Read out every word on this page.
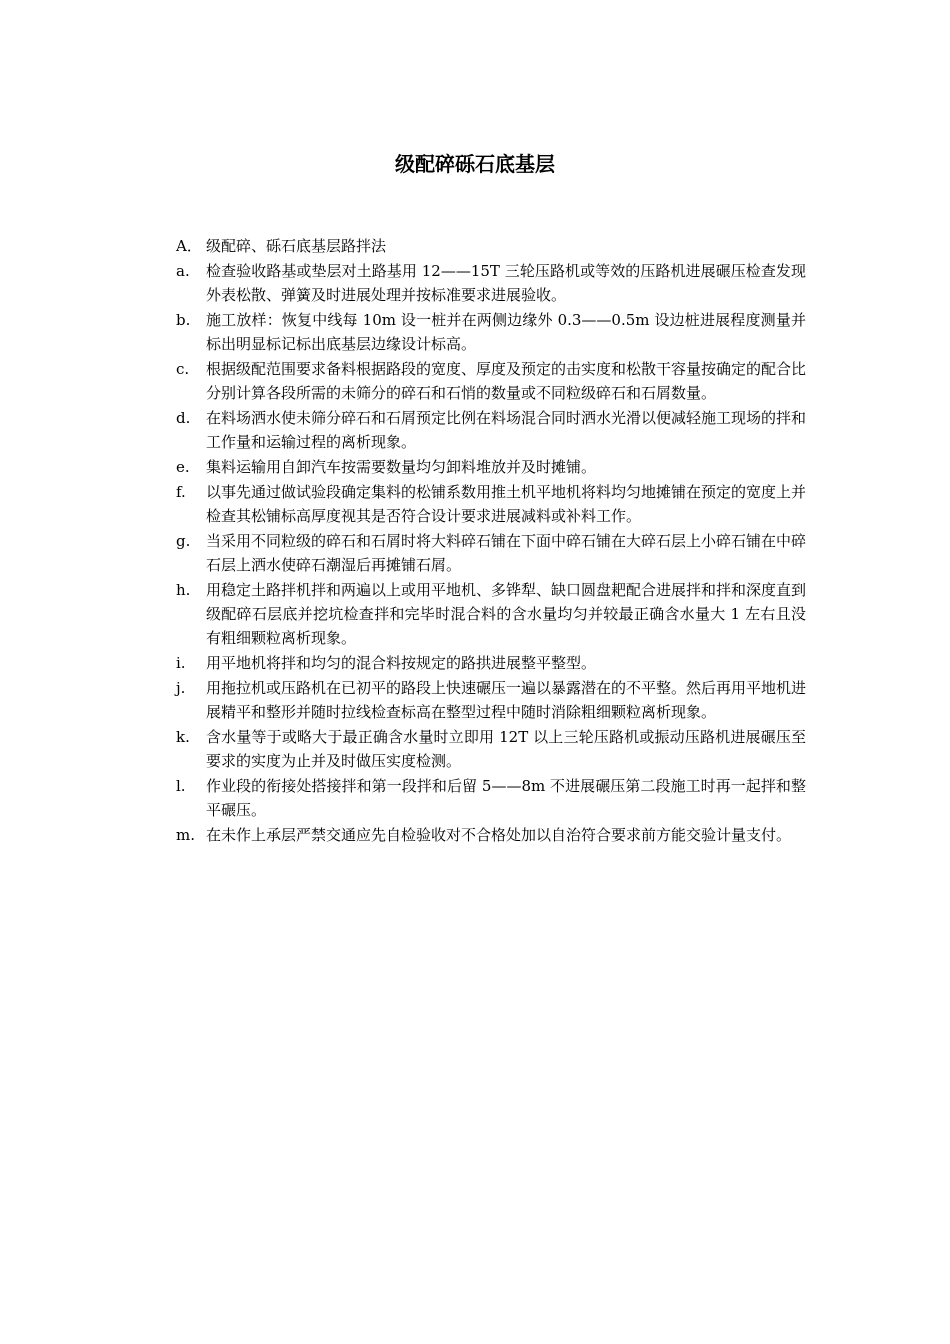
级配碎砾石底基层
A． 级配碎、砾石底基层路拌法
a.	检查验收路基或垫层对土路基用 12——15T 三轮压路机或等效的压路机进展碾压检查发现外表松散、弹簧及时进展处理并按标准要求进展验收。
b.	施工放样：恢复中线每 10m 设一桩并在两侧边缘外 0.3——0.5m 设边桩进展程度测量并标出明显标记标出底基层边缘设计标高。
c.	根据级配范围要求备料根据路段的宽度、厚度及预定的击实度和松散干容量按确定的配合比分别计算各段所需的未筛分的碎石和石悄的数量或不同粒级碎石和石屑数量。
d.	在料场洒水使未筛分碎石和石屑预定比例在料场混合同时洒水光滑以便减轻施工现场的拌和工作量和运输过程的离析现象。
e.	集料运输用自卸汽车按需要数量均匀卸料堆放并及时摊铺。
f.	以事先通过做试验段确定集料的松铺系数用推土机平地机将料均匀地摊铺在预定的宽度上并检查其松铺标高厚度视其是否符合设计要求进展减料或补料工作。
g.	当采用不同粒级的碎石和石屑时将大料碎石铺在下面中碎石铺在大碎石层上小碎石铺在中碎石层上洒水使碎石潮湿后再摊铺石屑。
h.	用稳定土路拌机拌和两遍以上或用平地机、多铧犁、缺口圆盘耙配合进展拌和拌和深度直到级配碎石层底并挖坑检查拌和完毕时混合料的含水量均匀并较最正确含水量大 1 左右且没有粗细颗粒离析现象。
i.	用平地机将拌和均匀的混合料按规定的路拱进展整平整型。
j.	用拖拉机或压路机在已初平的路段上快速碾压一遍以暴露潜在的不平整。然后再用平地机进展精平和整形并随时拉线检查标高在整型过程中随时消除粗细颗粒离析现象。
k.	含水量等于或略大于最正确含水量时立即用 12T 以上三轮压路机或振动压路机进展碾压至要求的实度为止并及时做压实度检测。
l.	作业段的衔接处搭接拌和第一段拌和后留 5——8m 不进展碾压第二段施工时再一起拌和整平碾压。
m. 在未作上承层严禁交通应先自检验收对不合格处加以自治符合要求前方能交验计量支付。
